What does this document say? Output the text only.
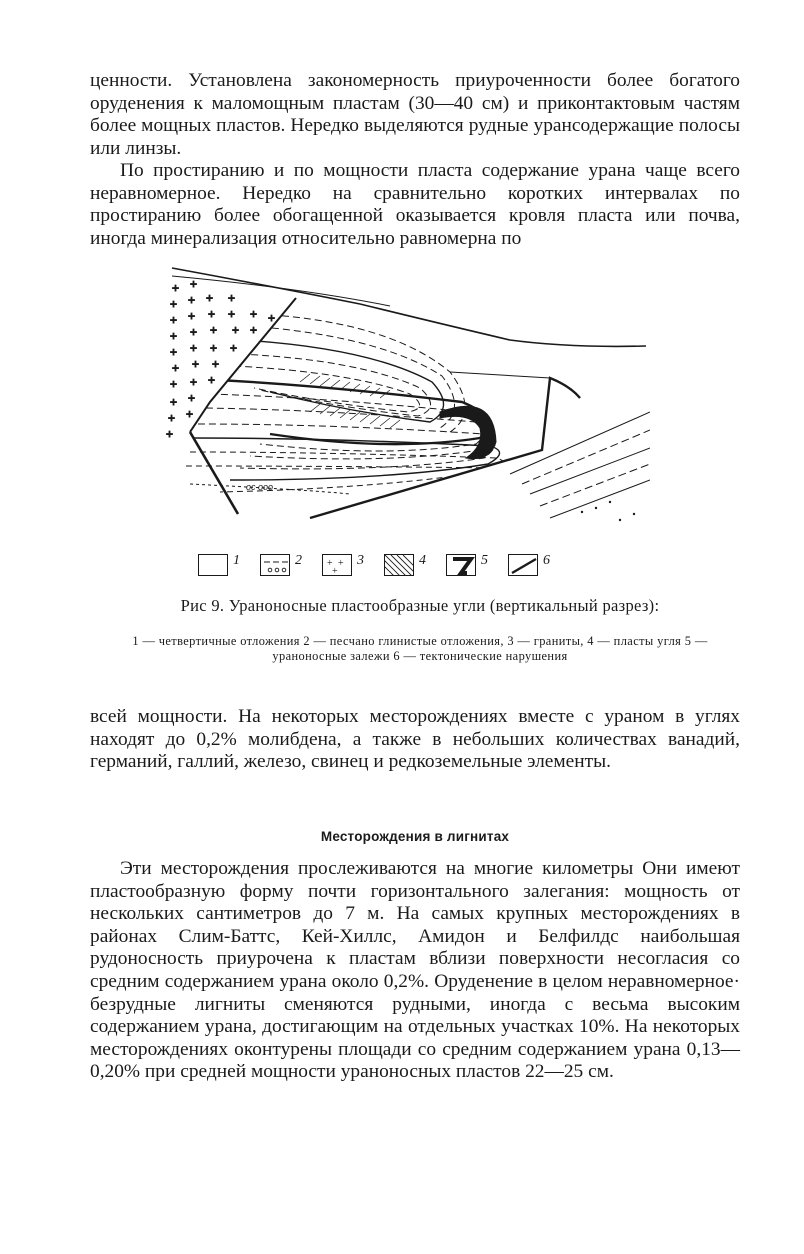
ценности. Установлена закономерность приуроченности более богатого оруденения к маломощным пластам (30—40 см) и приконтактовым частям более мощных пластов. Нередко выделяются рудные урансодержащие полосы или линзы.

По простиранию и по мощности пласта содержание урана чаще всего неравномерное. Нередко на сравнительно коротких интервалах по простиранию более обогащенной оказывается кровля пласта или почва, иногда минерализация относительно равномерна по

+ +
+ + + +
+ + + + + +
+ + + + +
+ + + +
+ + +
+ + +
+ +
+ +
+
ос ооо
1	2	+ +
+
3	4	5	6
Рис 9. Ураноносные пластообразные угли (вертикальный разрез):
1 — четвертичные отложения 2 — песчано глинистые отложения, 3 — граниты, 4 — пласты угля 5 — ураноносные залежи 6 — тектонические нарушения

всей мощности. На некоторых месторождениях вместе с ураном в углях находят до 0,2% молибдена, а также в небольших количествах ванадий, германий, галлий, железо, свинец и редкоземельные элементы.

Месторождения в лигнитах

Эти месторождения прослеживаются на многие километры Они имеют пластообразную форму почти горизонтального залегания: мощность от нескольких сантиметров до 7 м. На самых крупных месторождениях в районах Слим-Баттс, Кей-Хиллс, Амидон и Белфилдс наибольшая рудоносность приурочена к пластам вблизи поверхности несогласия со средним содержанием урана около 0,2%. Оруденение в целом неравномерное· безрудные лигниты сменяются рудными, иногда с весьма высоким содержанием урана, достигающим на отдельных участках 10%. На некоторых месторождениях оконтурены площади со средним содержанием урана 0,13—0,20% при средней мощности ураноносных пластов 22—25 см.
